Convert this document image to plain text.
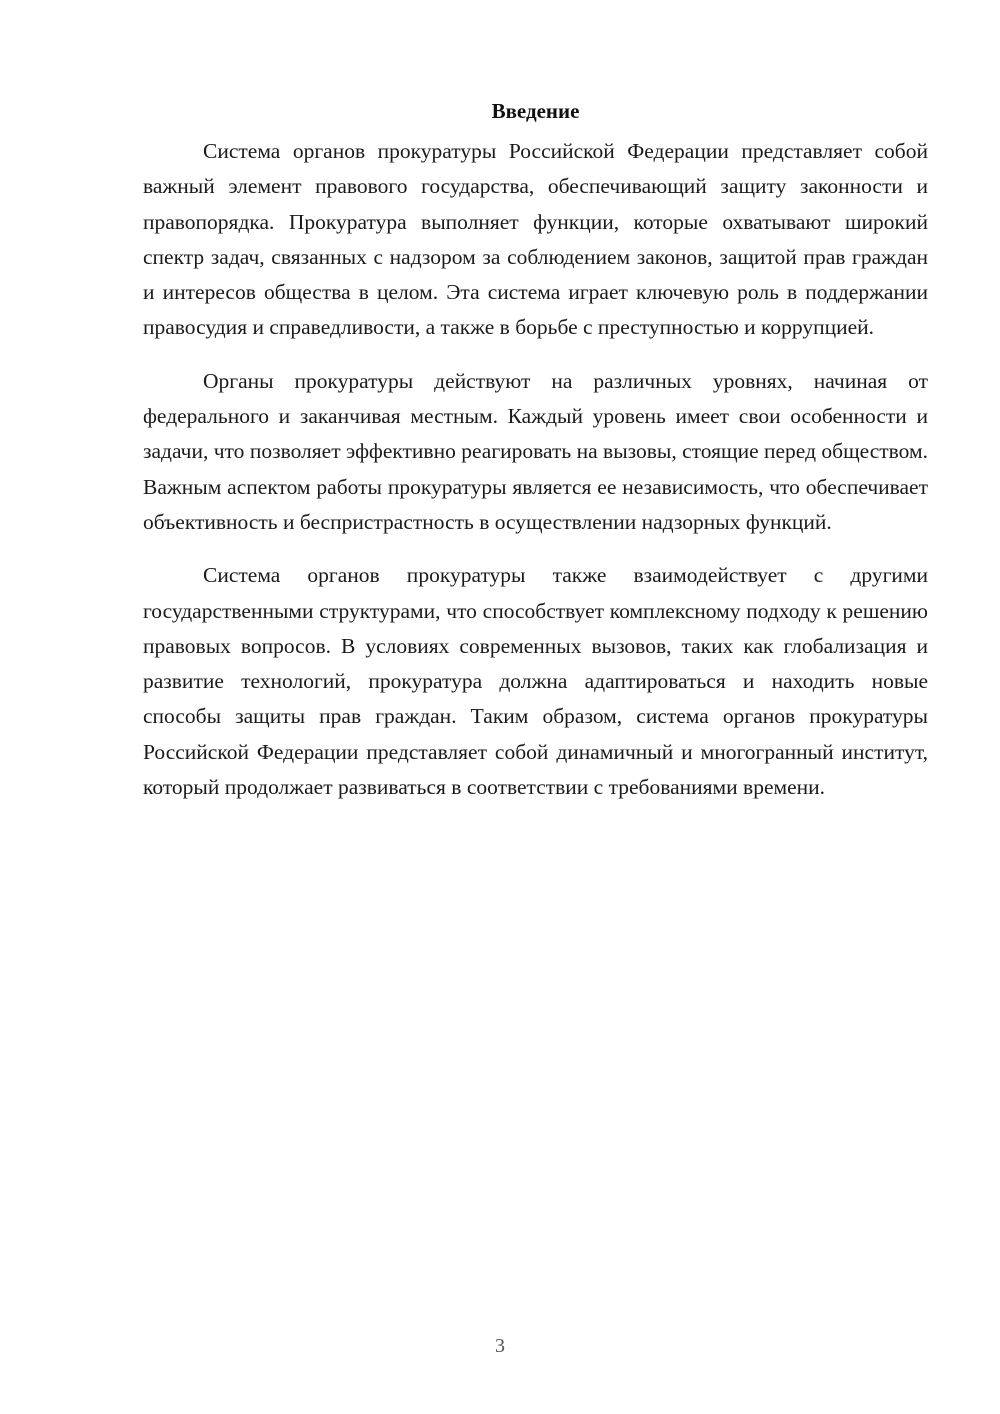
Введение

Система органов прокуратуры Российской Федерации представляет собой важный элемент правового государства, обеспечивающий защиту законности и правопорядка. Прокуратура выполняет функции, которые охватывают широкий спектр задач, связанных с надзором за соблюдением законов, защитой прав граждан и интересов общества в целом. Эта система играет ключевую роль в поддержании правосудия и справедливости, а также в борьбе с преступностью и коррупцией.

Органы прокуратуры действуют на различных уровнях, начиная от федерального и заканчивая местным. Каждый уровень имеет свои особенности и задачи, что позволяет эффективно реагировать на вызовы, стоящие перед обществом. Важным аспектом работы прокуратуры является ее независимость, что обеспечивает объективность и беспристрастность в осуществлении надзорных функций.

Система органов прокуратуры также взаимодействует с другими государственными структурами, что способствует комплексному подходу к решению правовых вопросов. В условиях современных вызовов, таких как глобализация и развитие технологий, прокуратура должна адаптироваться и находить новые способы защиты прав граждан. Таким образом, система органов прокуратуры Российской Федерации представляет собой динамичный и многогранный институт, который продолжает развиваться в соответствии с требованиями времени.

3
